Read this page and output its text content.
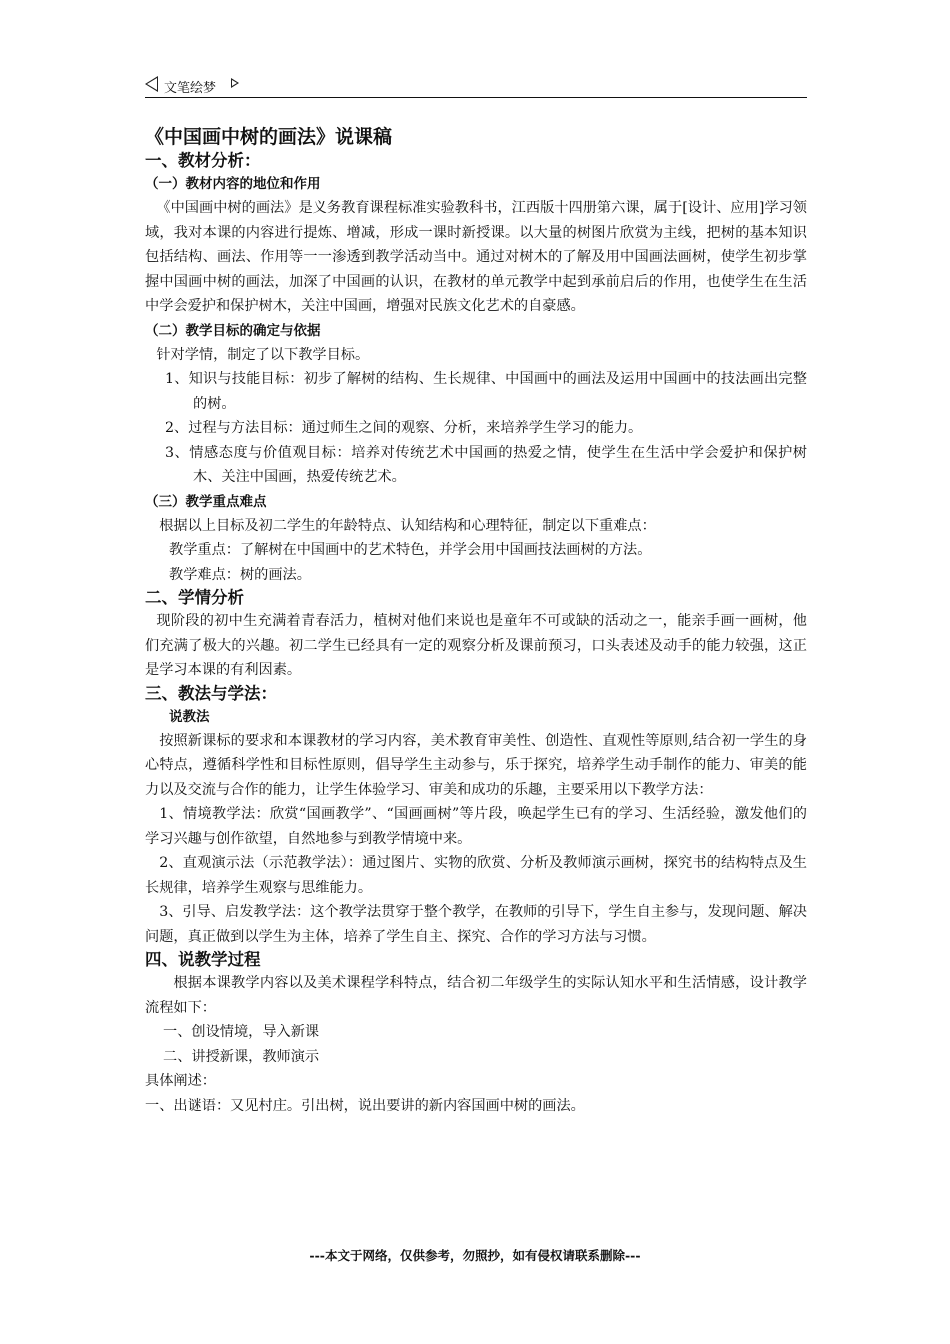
文笔绘梦
《中国画中树的画法》说课稿
一、教材分析：
（一）教材内容的地位和作用

《中国画中树的画法》是义务教育课程标准实验教科书，江西版十四册第六课，属于[设计、应用]学习领域，我对本课的内容进行提炼、增减，形成一课时新授课。以大量的树图片欣赏为主线，把树的基本知识包括结构、画法、作用等一一渗透到教学活动当中。通过对树木的了解及用中国画法画树，使学生初步掌握中国画中树的画法，加深了中国画的认识，在教材的单元教学中起到承前启后的作用，也使学生在生活中学会爱护和保护树木，关注中国画，增强对民族文化艺术的自豪感。

（二）教学目标的确定与依据

针对学情，制定了以下教学目标。

1、知识与技能目标：初步了解树的结构、生长规律、中国画中的画法及运用中国画中的技法画出完整的树。

2、过程与方法目标：通过师生之间的观察、分析，来培养学生学习的能力。

3、情感态度与价值观目标：培养对传统艺术中国画的热爱之情，使学生在生活中学会爱护和保护树木、关注中国画，热爱传统艺术。

（三）教学重点难点

根据以上目标及初二学生的年龄特点、认知结构和心理特征，制定以下重难点：

教学重点：了解树在中国画中的艺术特色，并学会用中国画技法画树的方法。

教学难点：树的画法。

二、学情分析

现阶段的初中生充满着青春活力，植树对他们来说也是童年不可或缺的活动之一，能亲手画一画树，他们充满了极大的兴趣。初二学生已经具有一定的观察分析及课前预习，口头表述及动手的能力较强，这正是学习本课的有利因素。

三、教法与学法：
说教法

按照新课标的要求和本课教材的学习内容，美术教育审美性、创造性、直观性等原则,结合初一学生的身心特点，遵循科学性和目标性原则，倡导学生主动参与，乐于探究，培养学生动手制作的能力、审美的能力以及交流与合作的能力，让学生体验学习、审美和成功的乐趣，主要采用以下教学方法：

1、情境教学法：欣赏“国画教学”、“国画画树”等片段，唤起学生已有的学习、生活经验，激发他们的学习兴趣与创作欲望，自然地参与到教学情境中来。

2、直观演示法（示范教学法）：通过图片、实物的欣赏、分析及教师演示画树，探究书的结构特点及生长规律，培养学生观察与思维能力。

3、引导、启发教学法：这个教学法贯穿于整个教学，在教师的引导下，学生自主参与，发现问题、解决问题，真正做到以学生为主体，培养了学生自主、探究、合作的学习方法与习惯。

四、说教学过程

根据本课教学内容以及美术课程学科特点，结合初二年级学生的实际认知水平和生活情感，设计教学流程如下：

一、创设情境，导入新课

二、讲授新课，教师演示

具体阐述：

一、出谜语：又见村庄。引出树，说出要讲的新内容国画中树的画法。

---本文于网络，仅供参考，勿照抄，如有侵权请联系删除---
